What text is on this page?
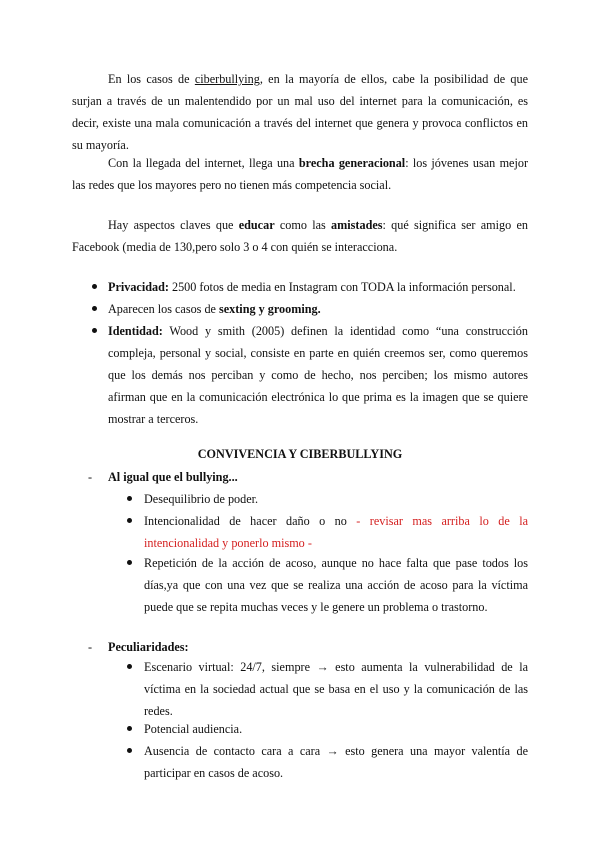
En los casos de ciberbullying, en la mayoría de ellos, cabe la posibilidad de que surjan a través de un malentendido por un mal uso del internet para la comunicación, es decir, existe una mala comunicación a través del internet que genera y provoca conflictos en su mayoría.

Con la llegada del internet, llega una brecha generacional: los jóvenes usan mejor las redes que los mayores pero no tienen más competencia social.

Hay aspectos claves que educar como las amistades: qué significa ser amigo en Facebook (media de 130,pero solo 3 o 4 con quién se interacciona.

Privacidad: 2500 fotos de media en Instagram con TODA la información personal.
Aparecen los casos de sexting y grooming.
Identidad: Wood y smith (2005) definen la identidad como “una construcción compleja, personal y social, consiste en parte en quién creemos ser, como queremos que los demás nos perciban y como de hecho, nos perciben; los mismo autores afirman que en la comunicación electrónica lo que prima es la imagen que se quiere mostrar a terceros.
CONVIVENCIA Y CIBERBULLYING
- Al igual que el bullying...
Desequilibrio de poder.
Intencionalidad de hacer daño o no - revisar mas arriba lo de la intencionalidad y ponerlo mismo -
Repetición de la acción de acoso, aunque no hace falta que pase todos los días,ya que con una vez que se realiza una acción de acoso para la víctima puede que se repita muchas veces y le genere un problema o trastorno.
- Peculiaridades:
Escenario virtual: 24/7, siempre → esto aumenta la vulnerabilidad de la víctima en la sociedad actual que se basa en el uso y la comunicación de las redes.
Potencial audiencia.
Ausencia de contacto cara a cara → esto genera una mayor valentía de participar en casos de acoso.
